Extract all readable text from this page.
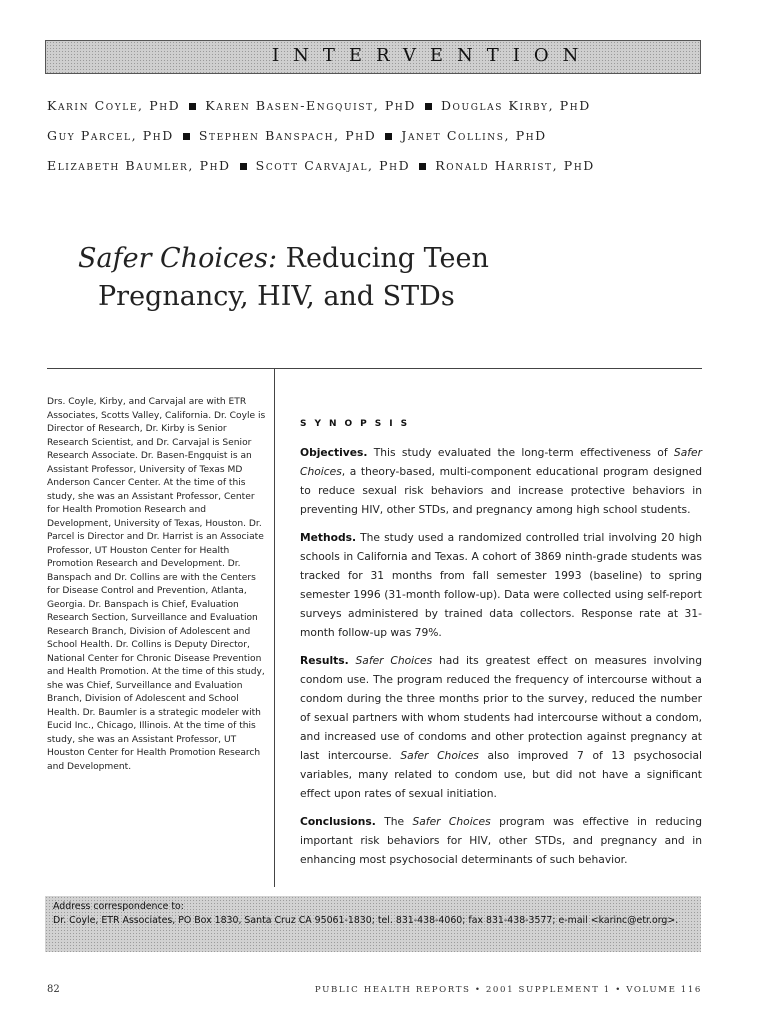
INTERVENTION
Karin Coyle, PhD Karen Basen-Engquist, PhD Douglas Kirby, PhD
Guy Parcel, PhD Stephen Banspach, PhD Janet Collins, PhD
Elizabeth Baumler, PhD Scott Carvajal, PhD Ronald Harrist, PhD
Safer Choices: Reducing Teen
Pregnancy, HIV, and STDs
Drs. Coyle, Kirby, and Carvajal are with ETR Associates, Scotts Valley, California. Dr. Coyle is Director of Research, Dr. Kirby is Senior Research Scientist, and Dr. Carvajal is Senior Research Associate. Dr. Basen-Engquist is an Assistant Professor, University of Texas MD Anderson Cancer Center. At the time of this study, she was an Assistant Professor, Center for Health Promotion Research and Development, University of Texas, Houston. Dr. Parcel is Director and Dr. Harrist is an Associate Professor, UT Houston Center for Health Promotion Research and Development. Dr. Banspach and Dr. Collins are with the Centers for Disease Control and Prevention, Atlanta, Georgia. Dr. Banspach is Chief, Evaluation Research Section, Surveillance and Evaluation Research Branch, Division of Adolescent and School Health. Dr. Collins is Deputy Director, National Center for Chronic Disease Prevention and Health Promotion. At the time of this study, she was Chief, Surveillance and Evaluation Branch, Division of Adolescent and School Health. Dr. Baumler is a strategic modeler with Eucid Inc., Chicago, Illinois. At the time of this study, she was an Assistant Professor, UT Houston Center for Health Promotion Research and Development.
SYNOPSIS

Objectives. This study evaluated the long-term effectiveness of Safer Choices, a theory-based, multi-component educational program designed to reduce sexual risk behaviors and increase protective behaviors in preventing HIV, other STDs, and pregnancy among high school students.

Methods. The study used a randomized controlled trial involving 20 high schools in California and Texas. A cohort of 3869 ninth-grade students was tracked for 31 months from fall semester 1993 (baseline) to spring semester 1996 (31-month follow-up). Data were collected using self-report surveys administered by trained data collectors. Response rate at 31-month follow-up was 79%.

Results. Safer Choices had its greatest effect on measures involving condom use. The program reduced the frequency of intercourse without a condom during the three months prior to the survey, reduced the number of sexual partners with whom students had intercourse without a condom, and increased use of condoms and other protection against pregnancy at last intercourse. Safer Choices also improved 7 of 13 psychosocial variables, many related to condom use, but did not have a significant effect upon rates of sexual initiation.

Conclusions. The Safer Choices program was effective in reducing important risk behaviors for HIV, other STDs, and pregnancy and in enhancing most psychosocial determinants of such behavior.

Address correspondence to:
Dr. Coyle, ETR Associates, PO Box 1830, Santa Cruz CA 95061-1830; tel. 831-438-4060; fax 831-438-3577; e-mail <karinc@etr.org>.
82	PUBLIC HEALTH REPORTS • 2001 SUPPLEMENT 1 • VOLUME 116
